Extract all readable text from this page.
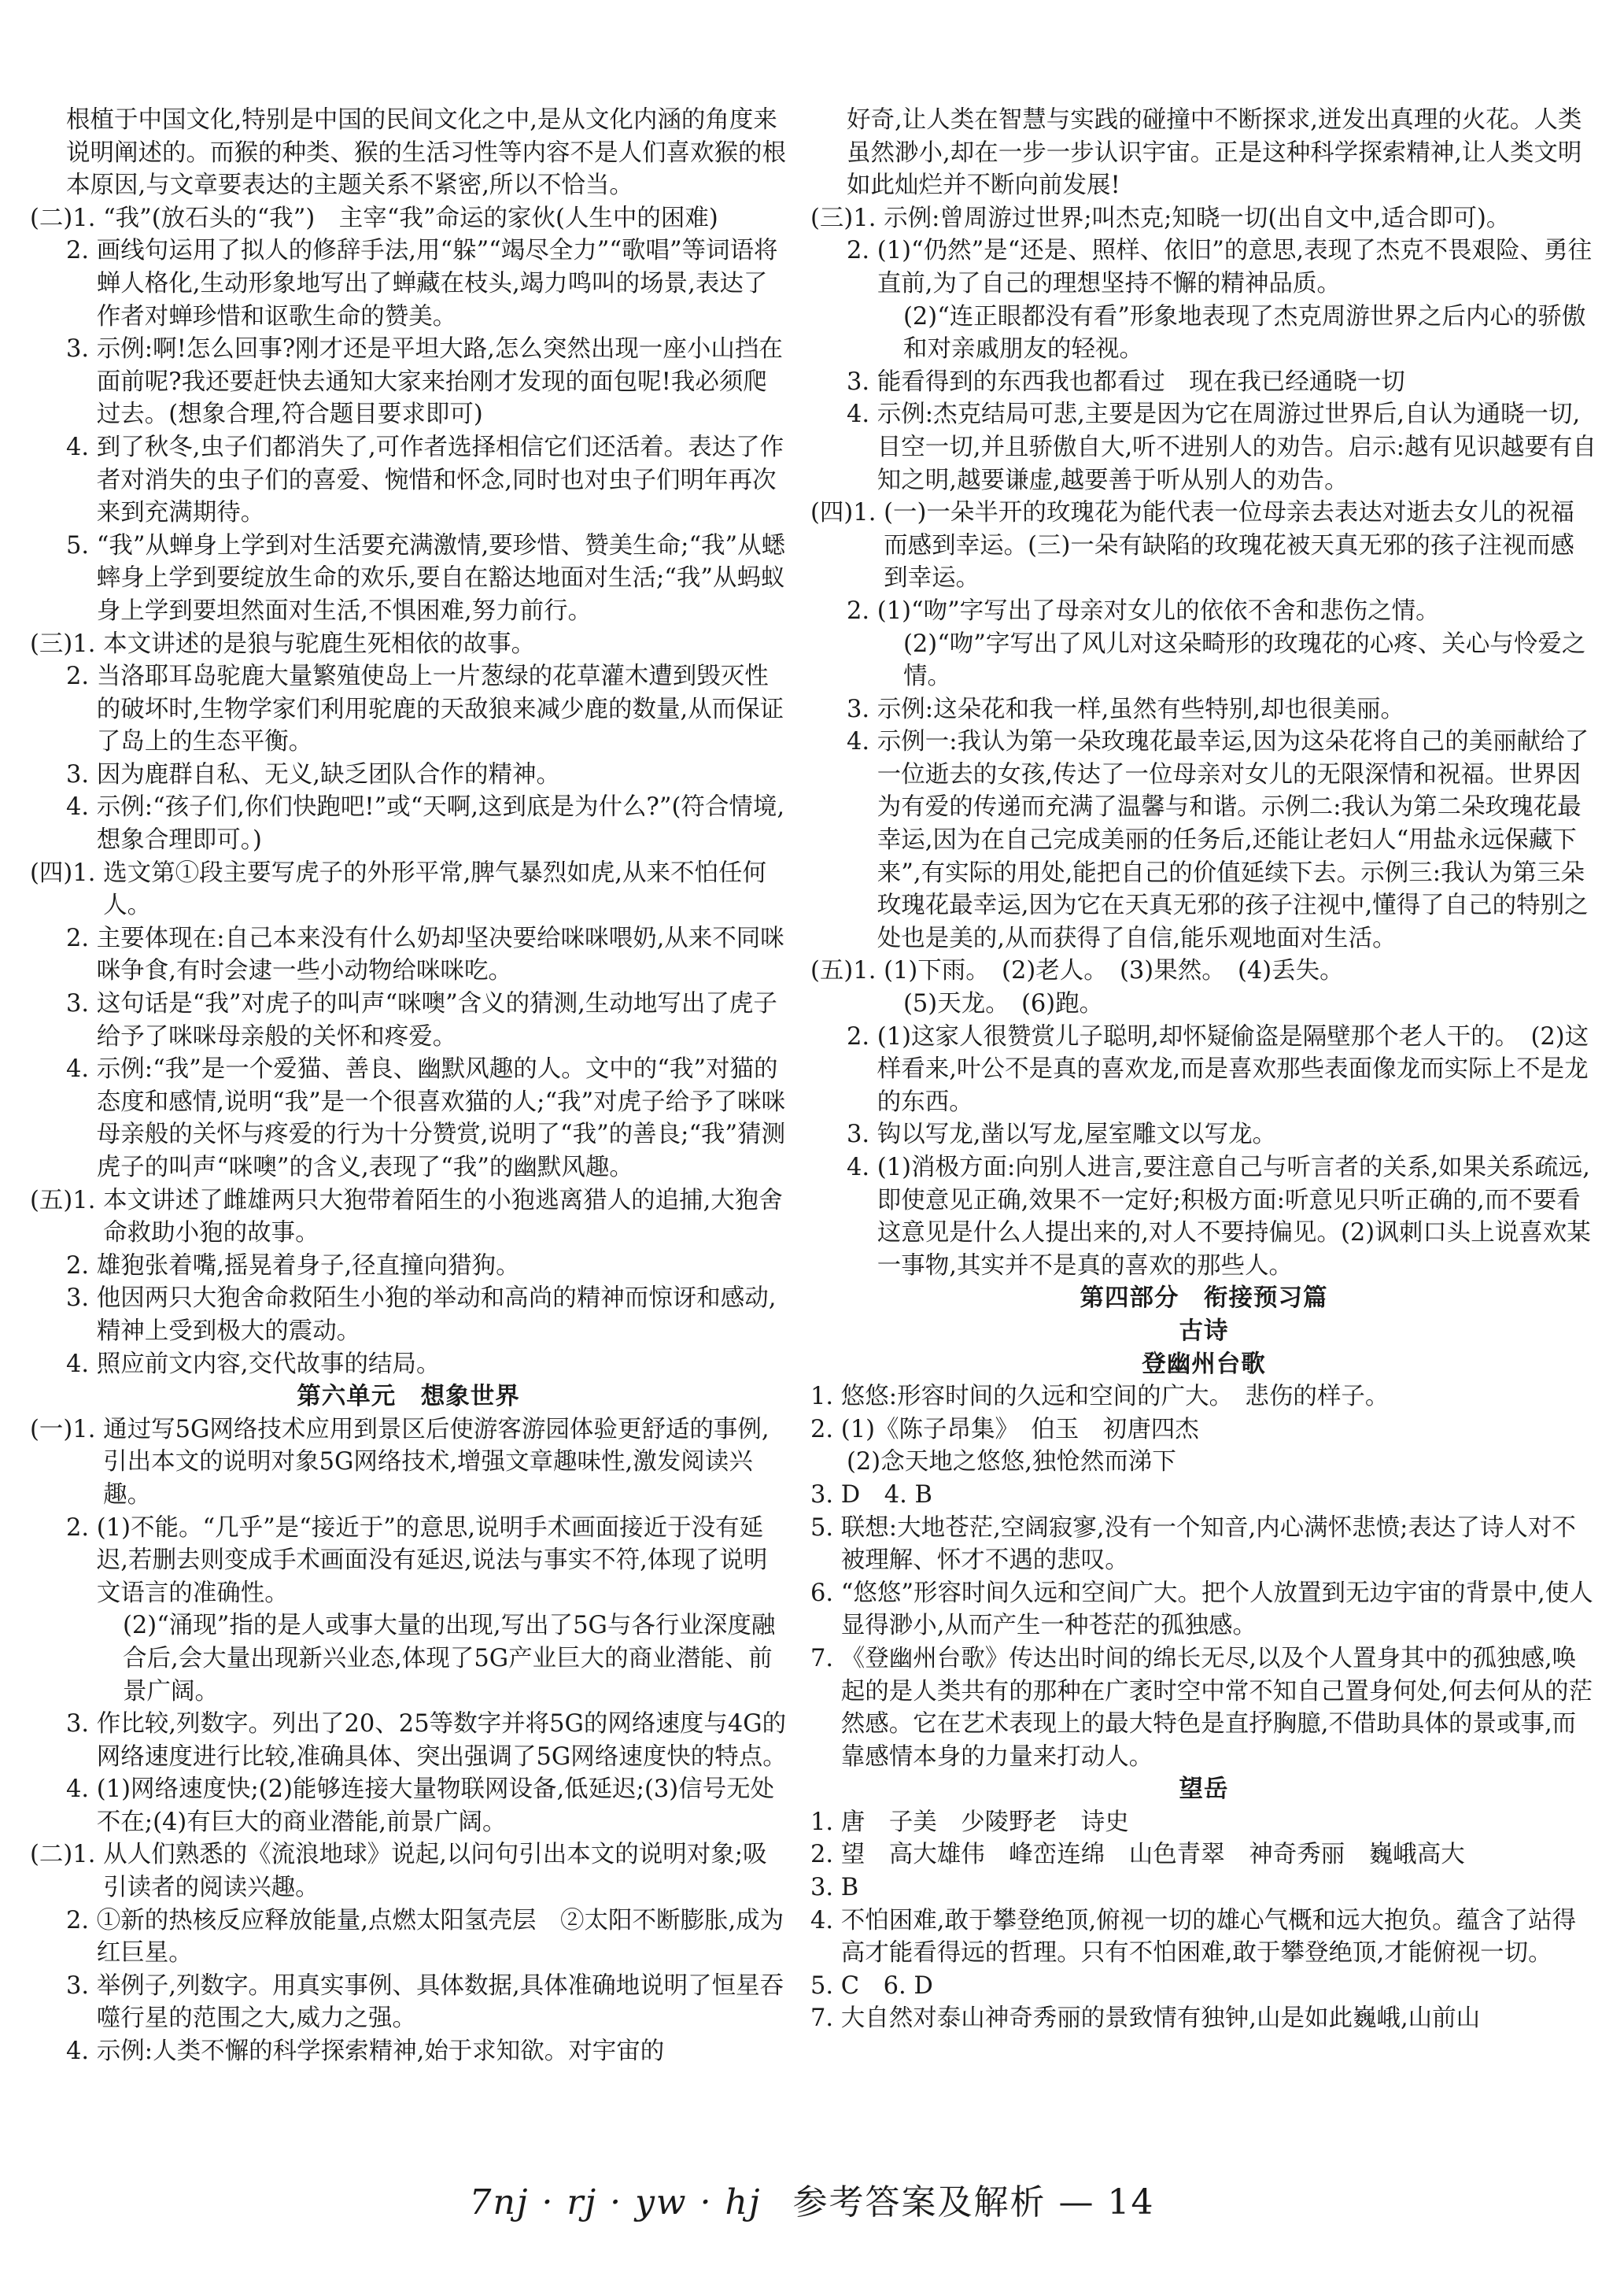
根植于中国文化,特别是中国的民间文化之中,是从文化内涵的角度来说明阐述的。而猴的种类、猴的生活习性等内容不是人们喜欢猴的根本原因,与文章要表达的主题关系不紧密,所以不恰当。
(二)1. “我”(放石头的“我”)　主宰“我”命运的家伙(人生中的困难)
2. 画线句运用了拟人的修辞手法,用“躲”“竭尽全力”“歌唱”等词语将蝉人格化,生动形象地写出了蝉藏在枝头,竭力鸣叫的场景,表达了作者对蝉珍惜和讴歌生命的赞美。
3. 示例:啊!怎么回事?刚才还是平坦大路,怎么突然出现一座小山挡在面前呢?我还要赶快去通知大家来抬刚才发现的面包呢!我必须爬过去。(想象合理,符合题目要求即可)
4. 到了秋冬,虫子们都消失了,可作者选择相信它们还活着。表达了作者对消失的虫子们的喜爱、惋惜和怀念,同时也对虫子们明年再次来到充满期待。
5. “我”从蝉身上学到对生活要充满激情,要珍惜、赞美生命;“我”从蟋蟀身上学到要绽放生命的欢乐,要自在豁达地面对生活;“我”从蚂蚁身上学到要坦然面对生活,不惧困难,努力前行。
(三)1. 本文讲述的是狼与驼鹿生死相依的故事。
2. 当洛耶耳岛驼鹿大量繁殖使岛上一片葱绿的花草灌木遭到毁灭性的破坏时,生物学家们利用驼鹿的天敌狼来减少鹿的数量,从而保证了岛上的生态平衡。
3. 因为鹿群自私、无义,缺乏团队合作的精神。
4. 示例:“孩子们,你们快跑吧!”或“天啊,这到底是为什么?”(符合情境,想象合理即可。)
(四)1. 选文第①段主要写虎子的外形平常,脾气暴烈如虎,从来不怕任何人。
2. 主要体现在:自己本来没有什么奶却坚决要给咪咪喂奶,从来不同咪咪争食,有时会逮一些小动物给咪咪吃。
3. 这句话是“我”对虎子的叫声“咪噢”含义的猜测,生动地写出了虎子给予了咪咪母亲般的关怀和疼爱。
4. 示例:“我”是一个爱猫、善良、幽默风趣的人。文中的“我”对猫的态度和感情,说明“我”是一个很喜欢猫的人;“我”对虎子给予了咪咪母亲般的关怀与疼爱的行为十分赞赏,说明了“我”的善良;“我”猜测虎子的叫声“咪噢”的含义,表现了“我”的幽默风趣。
(五)1. 本文讲述了雌雄两只大狍带着陌生的小狍逃离猎人的追捕,大狍舍命救助小狍的故事。
2. 雄狍张着嘴,摇晃着身子,径直撞向猎狗。
3. 他因两只大狍舍命救陌生小狍的举动和高尚的精神而惊讶和感动,精神上受到极大的震动。
4. 照应前文内容,交代故事的结局。
第六单元　想象世界
(一)1. 通过写5G网络技术应用到景区后使游客游园体验更舒适的事例,引出本文的说明对象5G网络技术,增强文章趣味性,激发阅读兴趣。
2. (1)不能。“几乎”是“接近于”的意思,说明手术画面接近于没有延迟,若删去则变成手术画面没有延迟,说法与事实不符,体现了说明文语言的准确性。
(2)“涌现”指的是人或事大量的出现,写出了5G与各行业深度融合后,会大量出现新兴业态,体现了5G产业巨大的商业潜能、前景广阔。
3. 作比较,列数字。列出了20、25等数字并将5G的网络速度与4G的网络速度进行比较,准确具体、突出强调了5G网络速度快的特点。
4. (1)网络速度快;(2)能够连接大量物联网设备,低延迟;(3)信号无处不在;(4)有巨大的商业潜能,前景广阔。
(二)1. 从人们熟悉的《流浪地球》说起,以问句引出本文的说明对象;吸引读者的阅读兴趣。
2. ①新的热核反应释放能量,点燃太阳氢壳层　②太阳不断膨胀,成为红巨星。
3. 举例子,列数字。用真实事例、具体数据,具体准确地说明了恒星吞噬行星的范围之大,威力之强。
4. 示例:人类不懈的科学探索精神,始于求知欲。对宇宙的
好奇,让人类在智慧与实践的碰撞中不断探求,迸发出真理的火花。人类虽然渺小,却在一步一步认识宇宙。正是这种科学探索精神,让人类文明如此灿烂并不断向前发展!
(三)1. 示例:曾周游过世界;叫杰克;知晓一切(出自文中,适合即可)。
2. (1)“仍然”是“还是、照样、依旧”的意思,表现了杰克不畏艰险、勇往直前,为了自己的理想坚持不懈的精神品质。
(2)“连正眼都没有看”形象地表现了杰克周游世界之后内心的骄傲和对亲戚朋友的轻视。
3. 能看得到的东西我也都看过　现在我已经通晓一切
4. 示例:杰克结局可悲,主要是因为它在周游过世界后,自认为通晓一切,目空一切,并且骄傲自大,听不进别人的劝告。启示:越有见识越要有自知之明,越要谦虚,越要善于听从别人的劝告。
(四)1. (一)一朵半开的玫瑰花为能代表一位母亲去表达对逝去女儿的祝福而感到幸运。(三)一朵有缺陷的玫瑰花被天真无邪的孩子注视而感到幸运。
2. (1)“吻”字写出了母亲对女儿的依依不舍和悲伤之情。
(2)“吻”字写出了风儿对这朵畸形的玫瑰花的心疼、关心与怜爱之情。
3. 示例:这朵花和我一样,虽然有些特别,却也很美丽。
4. 示例一:我认为第一朵玫瑰花最幸运,因为这朵花将自己的美丽献给了一位逝去的女孩,传达了一位母亲对女儿的无限深情和祝福。世界因为有爱的传递而充满了温馨与和谐。示例二:我认为第二朵玫瑰花最幸运,因为在自己完成美丽的任务后,还能让老妇人“用盐永远保藏下来”,有实际的用处,能把自己的价值延续下去。示例三:我认为第三朵玫瑰花最幸运,因为它在天真无邪的孩子注视中,懂得了自己的特别之处也是美的,从而获得了自信,能乐观地面对生活。
(五)1. (1)下雨。　(2)老人。　(3)果然。　(4)丢失。
(5)天龙。　(6)跑。
2. (1)这家人很赞赏儿子聪明,却怀疑偷盗是隔壁那个老人干的。　(2)这样看来,叶公不是真的喜欢龙,而是喜欢那些表面像龙而实际上不是龙的东西。
3. 钩以写龙,凿以写龙,屋室雕文以写龙。
4. (1)消极方面:向别人进言,要注意自己与听言者的关系,如果关系疏远,即使意见正确,效果不一定好;积极方面:听意见只听正确的,而不要看这意见是什么人提出来的,对人不要持偏见。(2)讽刺口头上说喜欢某一事物,其实并不是真的喜欢的那些人。
第四部分　衔接预习篇
古诗
登幽州台歌
1. 悠悠:形容时间的久远和空间的广大。　悲伤的样子。
2. (1)《陈子昂集》　伯玉　初唐四杰
(2)念天地之悠悠,独怆然而涕下
3. D　4. B
5. 联想:大地苍茫,空阔寂寥,没有一个知音,内心满怀悲愤;表达了诗人对不被理解、怀才不遇的悲叹。
6. “悠悠”形容时间久远和空间广大。把个人放置到无边宇宙的背景中,使人显得渺小,从而产生一种苍茫的孤独感。
7. 《登幽州台歌》传达出时间的绵长无尽,以及个人置身其中的孤独感,唤起的是人类共有的那种在广袤时空中常不知自己置身何处,何去何从的茫然感。它在艺术表现上的最大特色是直抒胸臆,不借助具体的景或事,而靠感情本身的力量来打动人。
望岳
1. 唐　子美　少陵野老　诗史
2. 望　高大雄伟　峰峦连绵　山色青翠　神奇秀丽　巍峨高大
3. B
4. 不怕困难,敢于攀登绝顶,俯视一切的雄心气概和远大抱负。蕴含了站得高才能看得远的哲理。只有不怕困难,敢于攀登绝顶,才能俯视一切。
5. C　6. D
7. 大自然对泰山神奇秀丽的景致情有独钟,山是如此巍峨,山前山
7nj · rj · yw · hj 参考答案及解析 — 14
